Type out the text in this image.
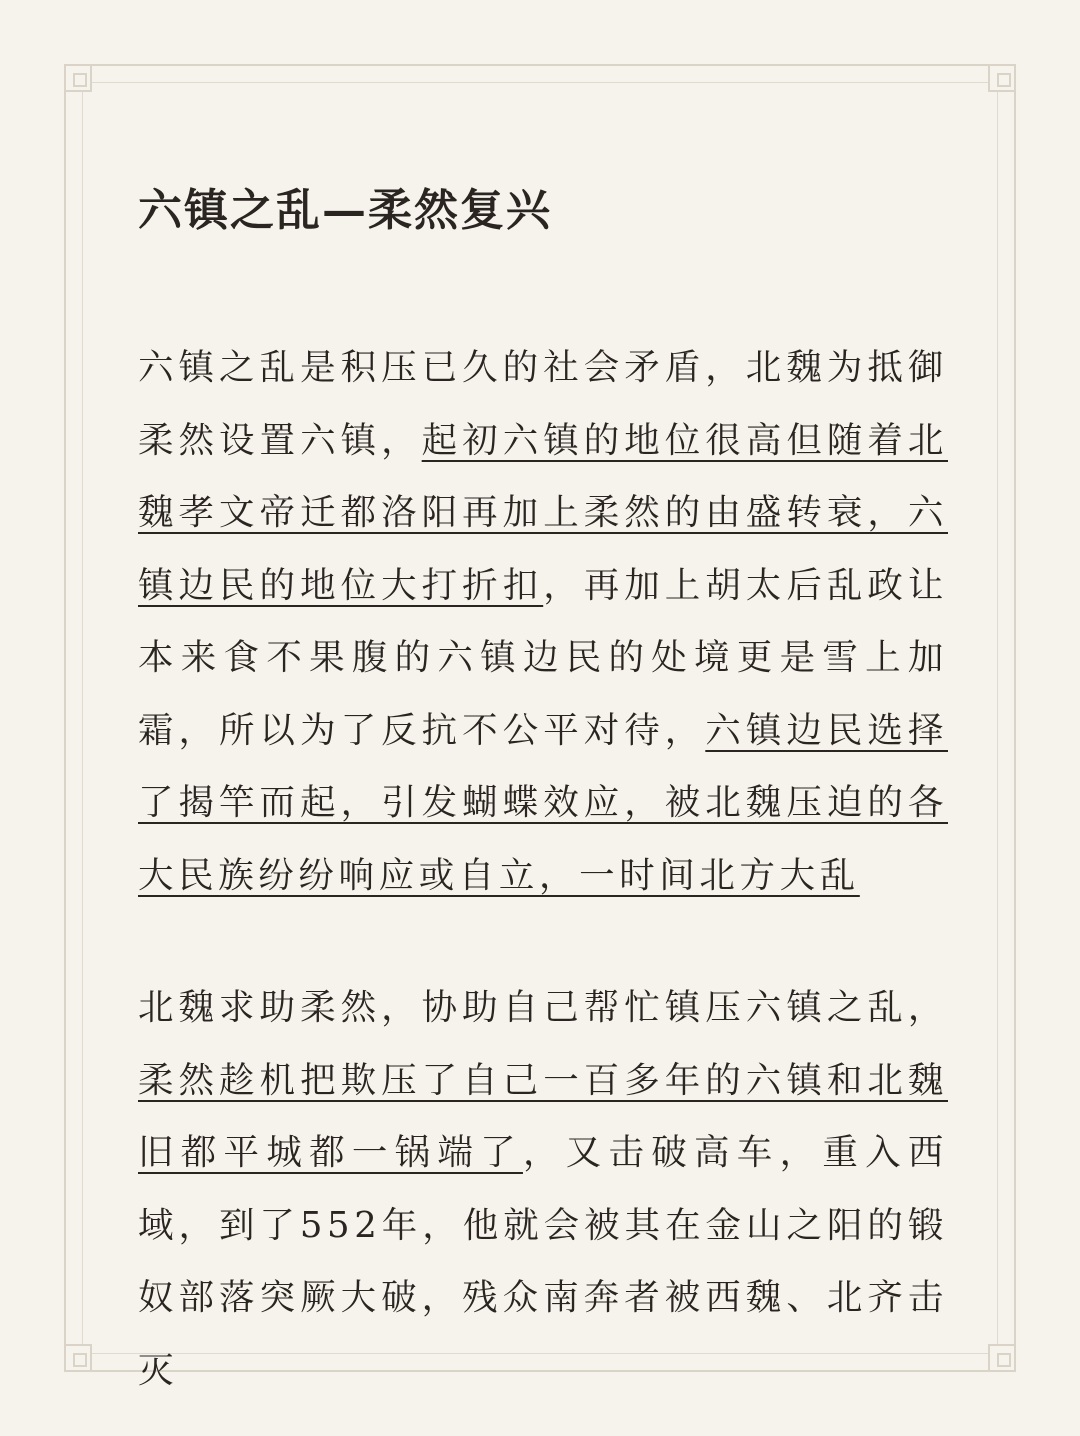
六镇之乱—柔然复兴

六镇之乱是积压已久的社会矛盾，北魏为抵御柔然设置六镇，起初六镇的地位很高但随着北魏孝文帝迁都洛阳再加上柔然的由盛转衰，六镇边民的地位大打折扣，再加上胡太后乱政让本来食不果腹的六镇边民的处境更是雪上加霜，所以为了反抗不公平对待，六镇边民选择了揭竿而起，引发蝴蝶效应，被北魏压迫的各大民族纷纷响应或自立，一时间北方大乱

北魏求助柔然，协助自己帮忙镇压六镇之乱，柔然趁机把欺压了自己一百多年的六镇和北魏旧都平城都一锅端了，又击破高车，重入西域，到了552年，他就会被其在金山之阳的锻奴部落突厥大破，残众南奔者被西魏、北齐击灭
